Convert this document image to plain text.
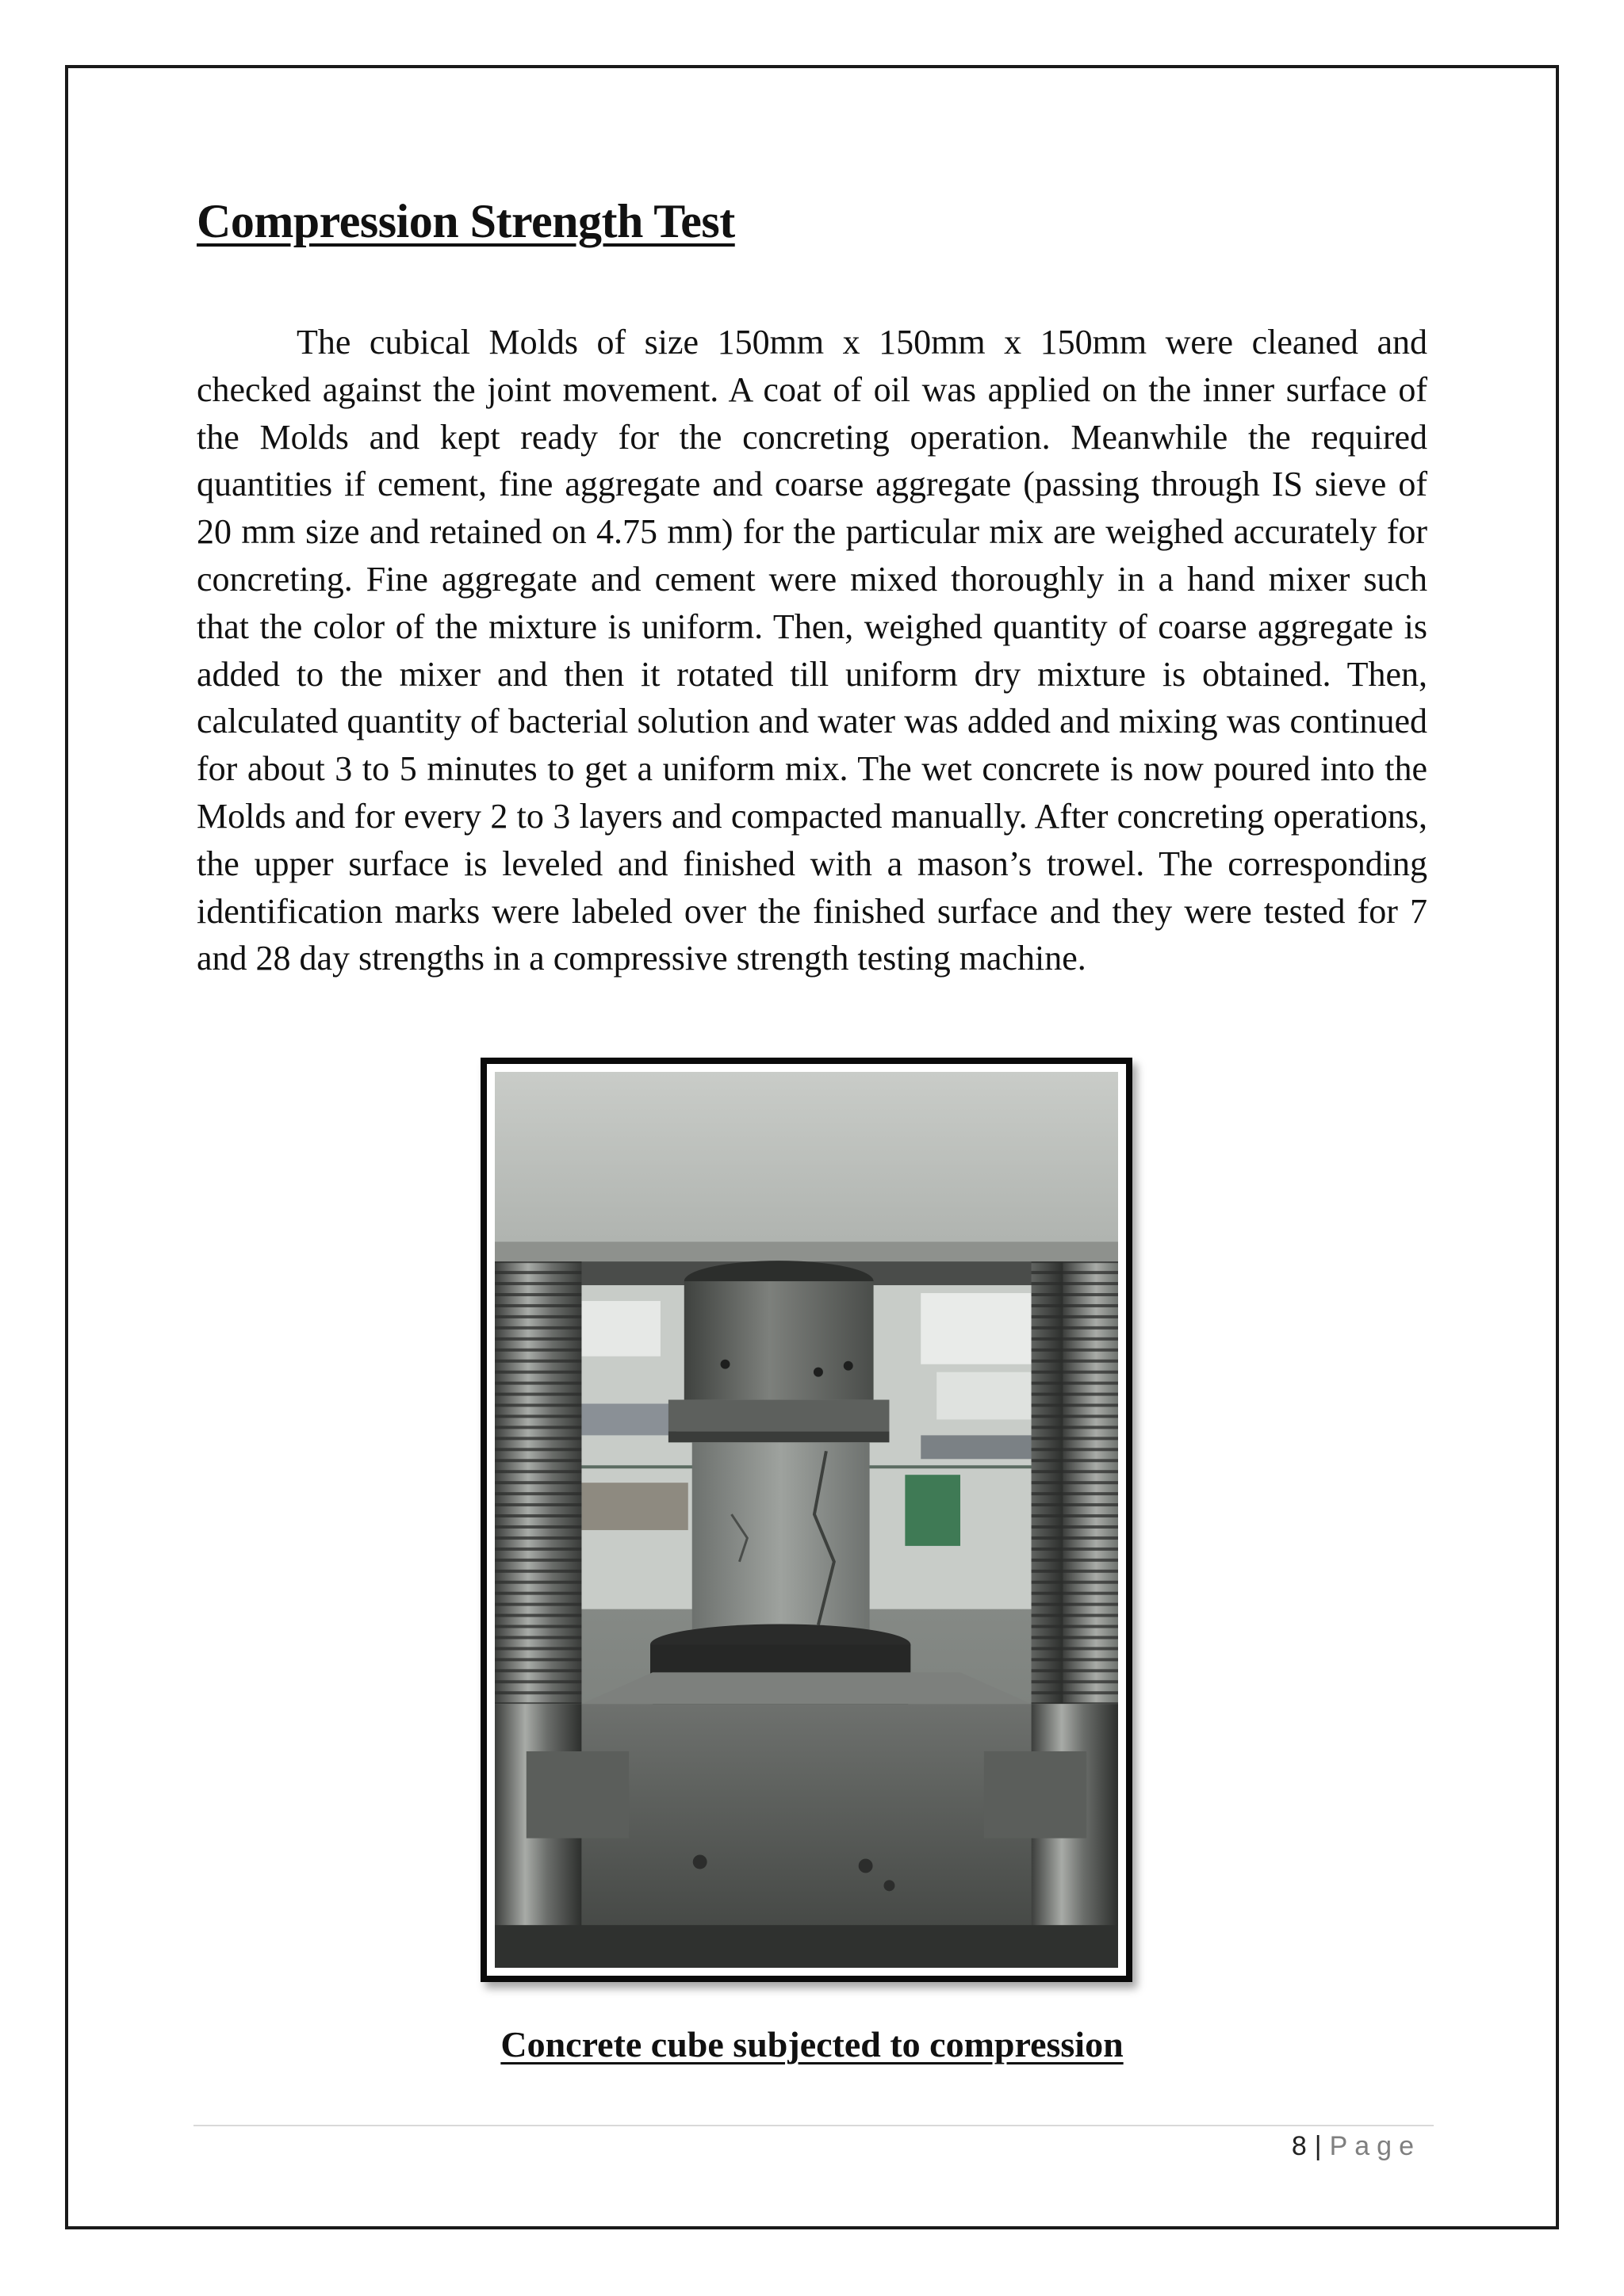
Compression Strength Test

The cubical Molds of size 150mm x 150mm x 150mm were cleaned and checked against the joint movement. A coat of oil was applied on the inner surface of the Molds and kept ready for the concreting operation. Meanwhile the required quantities if cement, fine aggregate and coarse aggregate (passing through IS sieve of 20 mm size and retained on 4.75 mm) for the particular mix are weighed accurately for concreting. Fine aggregate and cement were mixed thoroughly in a hand mixer such that the color of the mixture is uniform. Then, weighed quantity of coarse aggregate is added to the mixer and then it rotated till uniform dry mixture is obtained. Then, calculated quantity of bacterial solution and water was added and mixing was continued for about 3 to 5 minutes to get a uniform mix. The wet concrete is now poured into the Molds and for every 2 to 3 layers and compacted manually. After concreting operations, the upper surface is leveled and finished with a mason’s trowel. The corresponding identification marks were labeled over the finished surface and they were tested for 7 and 28 day strengths in a compressive strength testing machine.

Concrete cube subjected to compression
8 | Page
